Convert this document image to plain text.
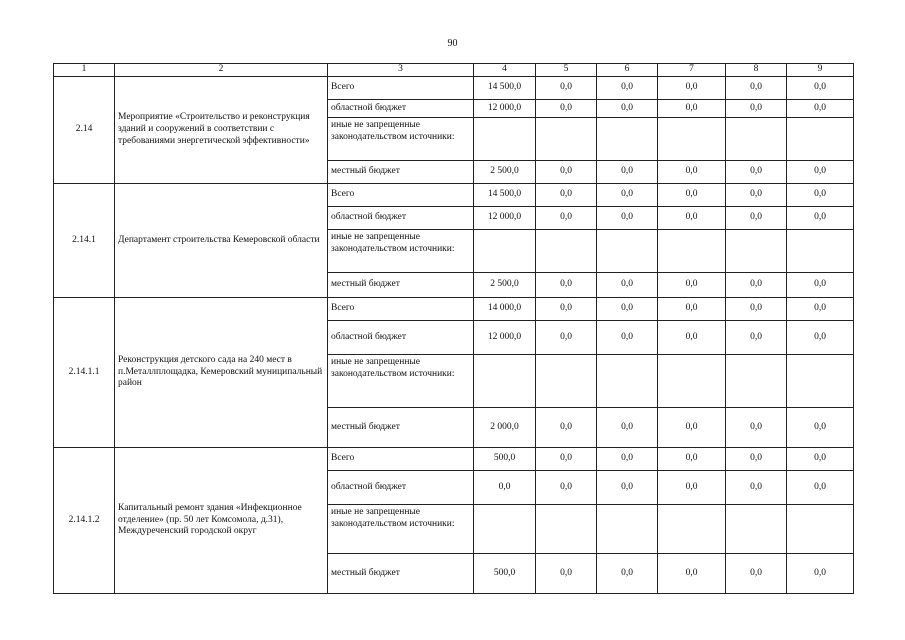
90
1	2	3	4	5	6	7	8	9
2.14	Мероприятие «Строительство и реконструкция зданий и сооружений в соответствии с требованиями энергетической эффективности»	Всего	14 500,0	0,0	0,0	0,0	0,0	0,0
		областной бюджет	12 000,0	0,0	0,0	0,0	0,0	0,0
		иные не запрещенные законодательством источники:						
		местный бюджет	2 500,0	0,0	0,0	0,0	0,0	0,0
2.14.1	Департамент строительства Кемеровской области	Всего	14 500,0	0,0	0,0	0,0	0,0	0,0
		областной бюджет	12 000,0	0,0	0,0	0,0	0,0	0,0
		иные не запрещенные законодательством источники:						
		местный бюджет	2 500,0	0,0	0,0	0,0	0,0	0,0
2.14.1.1	Реконструкция детского сада на 240 мест в п.Металлплощадка, Кемеровский муниципальный район	Всего	14 000,0	0,0	0,0	0,0	0,0	0,0
		областной бюджет	12 000,0	0,0	0,0	0,0	0,0	0,0
		иные не запрещенные законодательством источники:						
		местный бюджет	2 000,0	0,0	0,0	0,0	0,0	0,0
2.14.1.2	Капитальный ремонт здания «Инфекционное отделение» (пр. 50 лет Комсомола, д.31), Междуреченский городской округ	Всего	500,0	0,0	0,0	0,0	0,0	0,0
		областной бюджет	0,0	0,0	0,0	0,0	0,0	0,0
		иные не запрещенные законодательством источники:						
		местный бюджет	500,0	0,0	0,0	0,0	0,0	0,0
